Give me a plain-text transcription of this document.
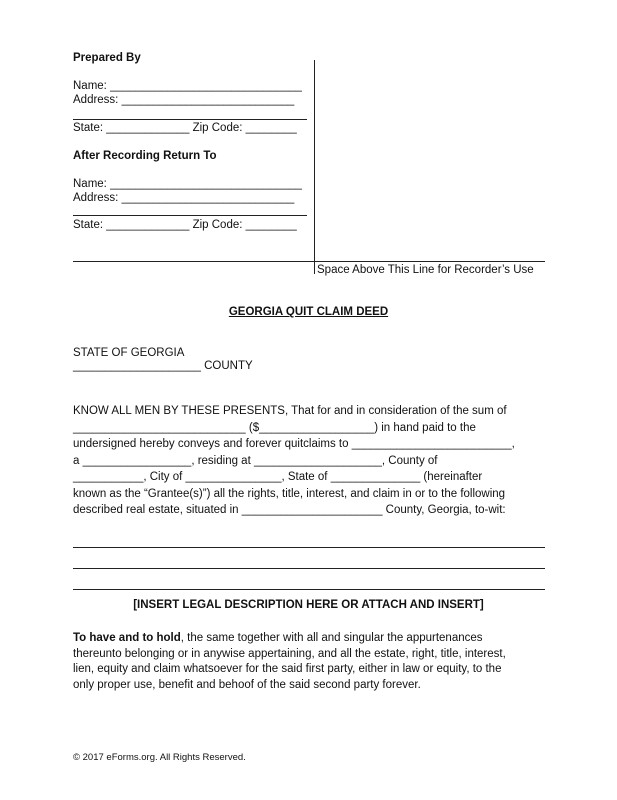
Prepared By
Name: ______________________________
Address: ___________________________
State: _____________ Zip Code: ________
After Recording Return To
Name: ______________________________
Address: ___________________________
State: _____________ Zip Code: ________
Space Above This Line for Recorder’s Use
GEORGIA QUIT CLAIM DEED
STATE OF GEORGIA
____________________ COUNTY
KNOW ALL MEN BY THESE PRESENTS, That for and in consideration of the sum of
___________________________ ($__________________) in hand paid to the
undersigned hereby conveys and forever quitclaims to _________________________,
a _________________, residing at ____________________, County of
___________, City of _______________, State of ______________ (hereinafter
known as the “Grantee(s)”) all the rights, title, interest, and claim in or to the following
described real estate, situated in ______________________ County, Georgia, to-wit:
[INSERT LEGAL DESCRIPTION HERE OR ATTACH AND INSERT]
To have and to hold, the same together with all and singular the appurtenances
thereunto belonging or in anywise appertaining, and all the estate, right, title, interest,
lien, equity and claim whatsoever for the said first party, either in law or equity, to the
only proper use, benefit and behoof of the said second party forever.
© 2017 eForms.org. All Rights Reserved.
